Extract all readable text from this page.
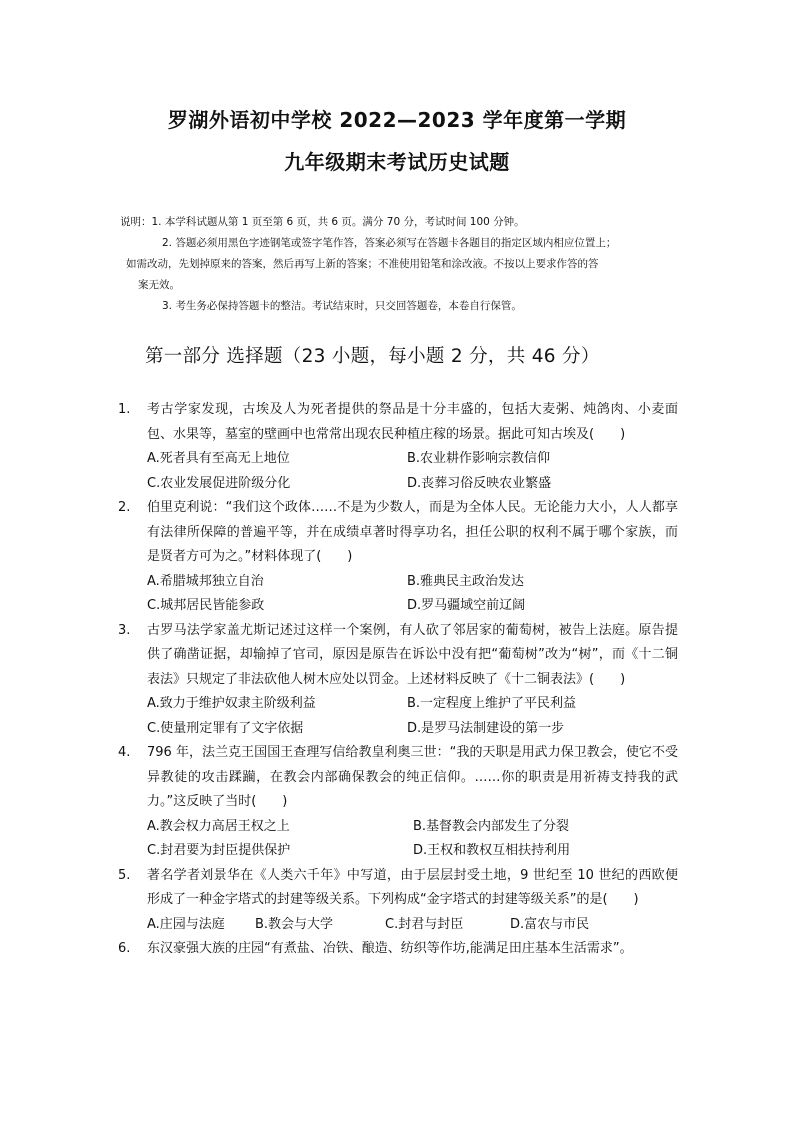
罗湖外语初中学校 2022—2023 学年度第一学期
九年级期末考试历史试题
说明：1. 本学科试题从第 1 页至第 6 页，共 6 页。满分 70 分，考试时间 100 分钟。
2. 答题必须用黑色字迹钢笔或签字笔作答，答案必须写在答题卡各题目的指定区域内相应位置上；
如需改动，先划掉原来的答案，然后再写上新的答案；不准使用铅笔和涂改液。不按以上要求作答的答
案无效。
3. 考生务必保持答题卡的整洁。考试结束时，只交回答题卷，本卷自行保管。
第一部分 选择题（23 小题，每小题 2 分，共 46 分）
1. 考古学家发现，古埃及人为死者提供的祭品是十分丰盛的，包括大麦粥、炖鸽肉、小麦面包、水果等，墓室的壁画中也常常出现农民种植庄稼的场景。据此可知古埃及(　　)
A.死者具有至高无上地位	B.农业耕作影响宗教信仰
C.农业发展促进阶级分化	D.丧葬习俗反映农业繁盛
2. 伯里克利说：“我们这个政体……不是为少数人，而是为全体人民。无论能力大小，人人都享有法律所保障的普遍平等，并在成绩卓著时得享功名，担任公职的权利不属于哪个家族，而是贤者方可为之。”材料体现了(　　)
A.希腊城邦独立自治	B.雅典民主政治发达
C.城邦居民皆能参政	D.罗马疆域空前辽阔
3. 古罗马法学家盖尤斯记述过这样一个案例，有人砍了邻居家的葡萄树，被告上法庭。原告提供了确凿证据，却输掉了官司，原因是原告在诉讼中没有把“葡萄树”改为“树”，而《十二铜表法》只规定了非法砍他人树木应处以罚金。上述材料反映了《十二铜表法》(　　)
A.致力于维护奴隶主阶级利益	B.一定程度上维护了平民利益
C.使量刑定罪有了文字依据	D.是罗马法制建设的第一步
4. 796 年，法兰克王国国王查理写信给教皇利奥三世：“我的天职是用武力保卫教会，使它不受异教徒的攻击蹂躏，在教会内部确保教会的纯正信仰。……你的职责是用祈祷支持我的武力。”这反映了当时(　　)
A.教会权力高居王权之上	B.基督教会内部发生了分裂
C.封君要为封臣提供保护	D.王权和教权互相扶持利用
5. 著名学者刘景华在《人类六千年》中写道，由于层层封受土地，9 世纪至 10 世纪的西欧便形成了一种金字塔式的封建等级关系。下列构成“金字塔式的封建等级关系”的是(　　)
A.庄园与法庭	B.教会与大学	C.封君与封臣	D.富农与市民
6. 东汉豪强大族的庄园“有煮盐、冶铁、酿造、纺织等作坊,能满足田庄基本生活需求”。
